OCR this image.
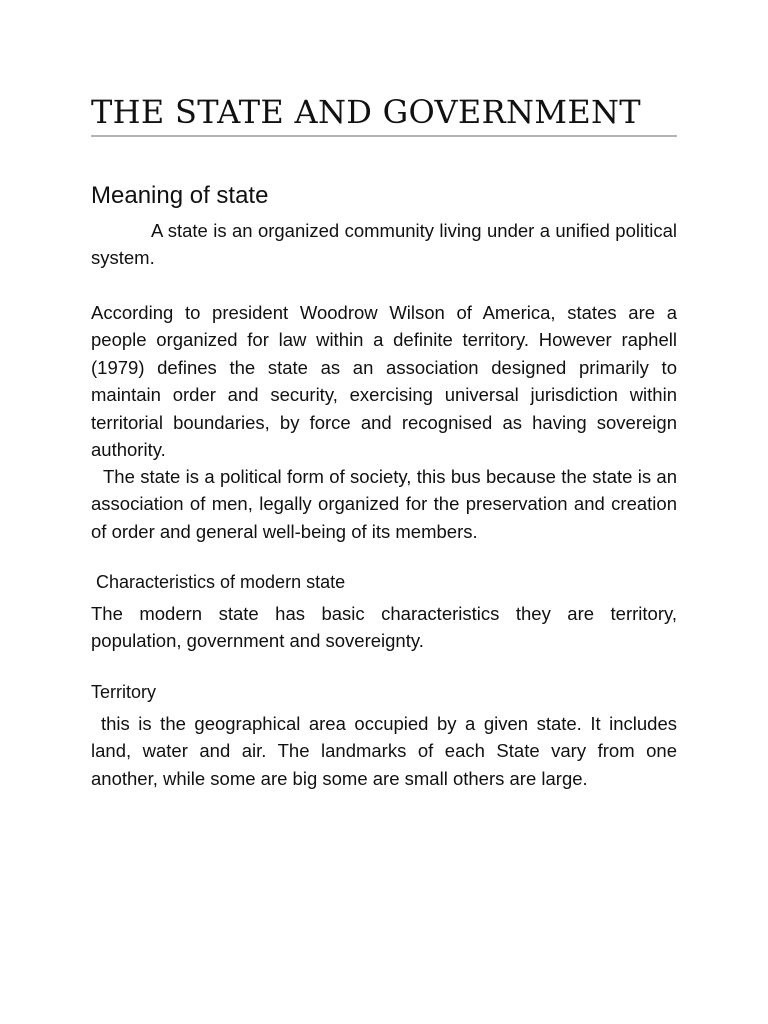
THE STATE AND GOVERNMENT
Meaning of state

A state is an organized community living under a unified political system.

According to president Woodrow Wilson of America, states are a people organized for law within a definite territory. However raphell (1979) defines the state as an association designed primarily to maintain order and security, exercising universal jurisdiction within territorial boundaries, by force and recognised as having sovereign authority.

The state is a political form of society, this bus because the state is an association of men, legally organized for the preservation and creation of order and general well-being of its members.

Characteristics of modern state

The modern state has basic characteristics they are territory, population, government and sovereignty.

Territory

this is the geographical area occupied by a given state. It includes land, water and air. The landmarks of each State vary from one another, while some are big some are small others are large.
